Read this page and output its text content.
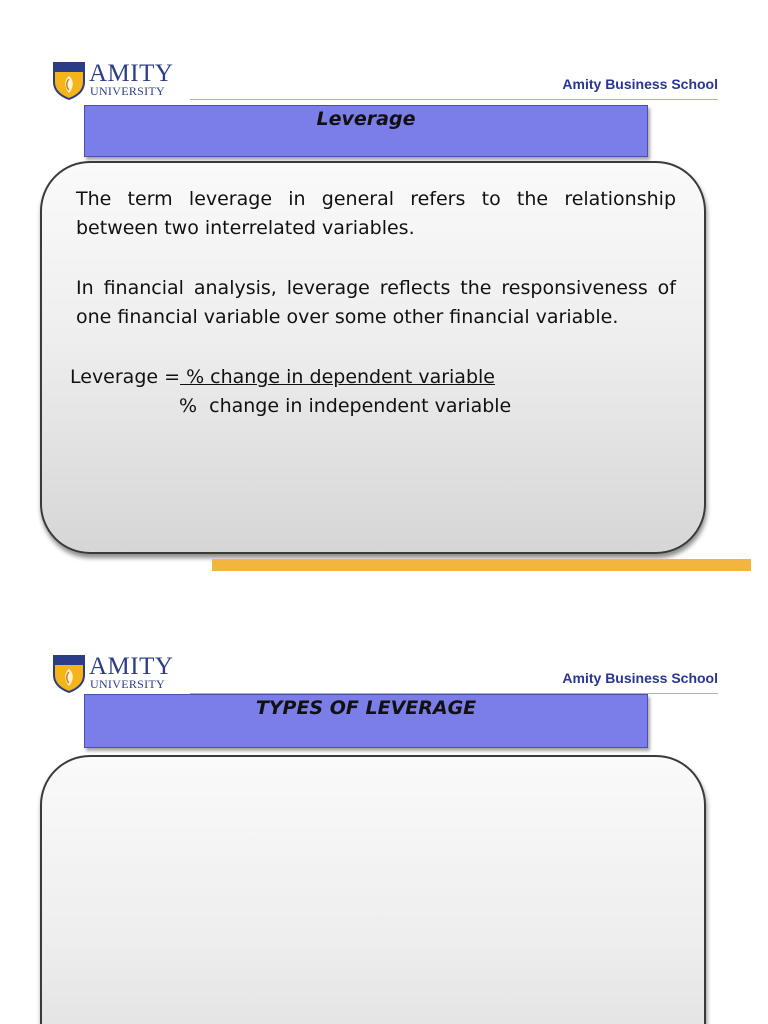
AMITY
UNIVERSITY	Amity Business School
Leverage
The term leverage in general refers to the relationship between two interrelated variables.
In financial analysis, leverage reflects the responsiveness of one financial variable over some other financial variable.
Leverage = % change in dependent variable
%  change in independent variable
AMITY
UNIVERSITY	Amity Business School
TYPES OF LEVERAGE
